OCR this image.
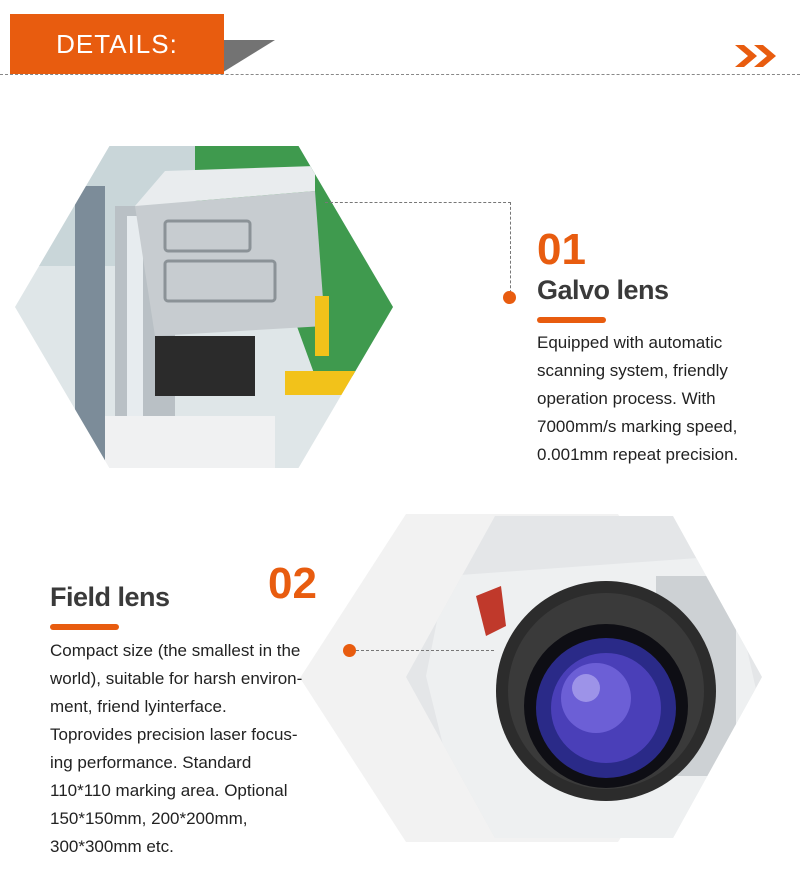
DETAILS:
01
Galvo lens
Equipped with automatic
scanning system, friendly
operation process. With
7000mm/s marking speed,
0.001mm repeat precision.
02
Field lens
Compact size (the smallest in the
world), suitable for harsh environ-
ment, friend lyinterface.
Toprovides precision laser focus-
ing performance. Standard
110*110 marking area. Optional
150*150mm, 200*200mm,
300*300mm etc.
